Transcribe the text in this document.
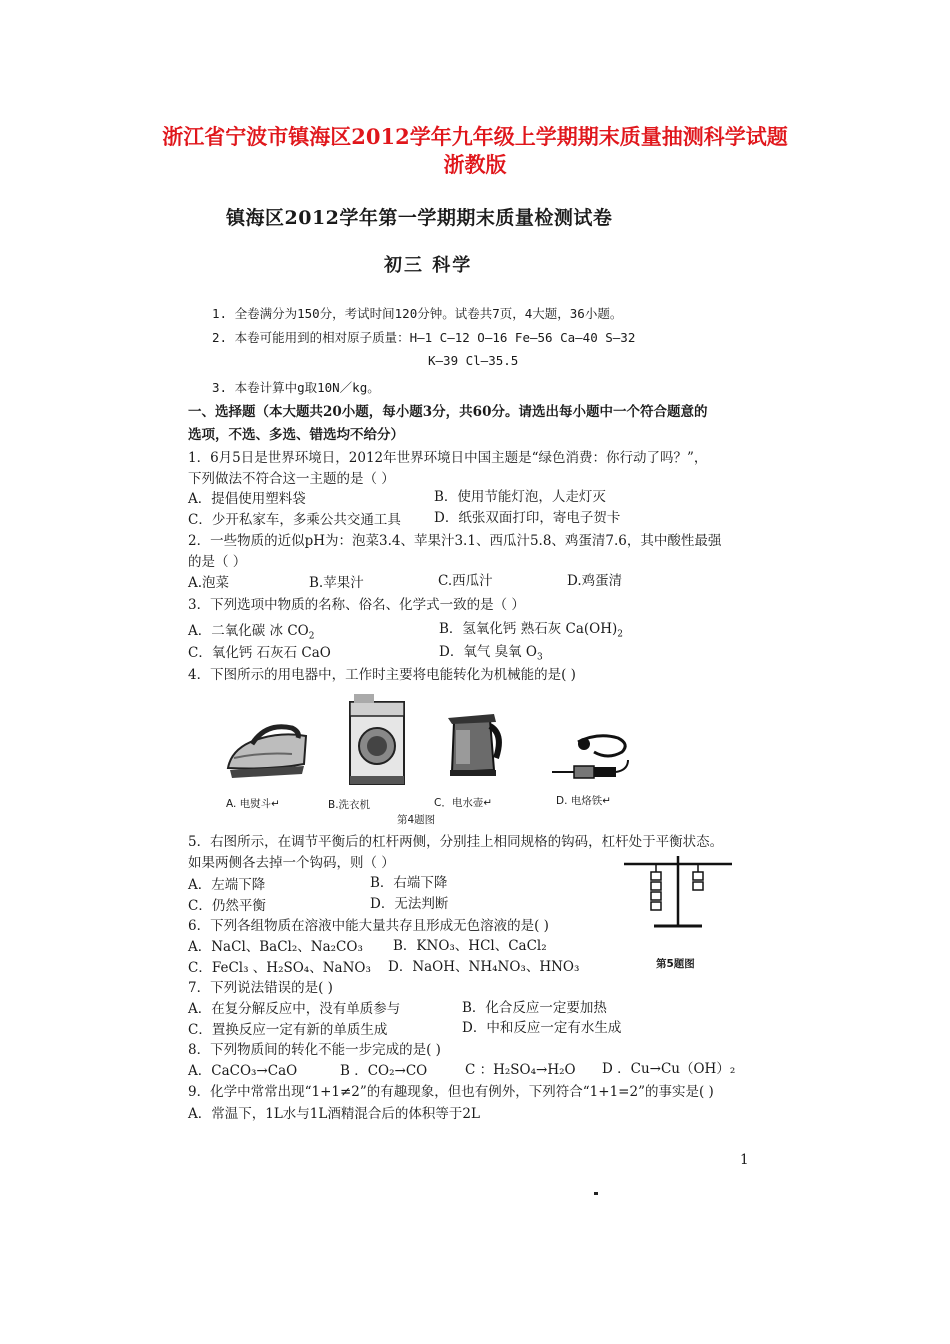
浙江省宁波市镇海区2012学年九年级上学期期末质量抽测科学试题
浙教版
镇海区2012学年第一学期期末质量检测试卷
初三 科学
1. 全卷满分为150分，考试时间120分钟。试卷共7页，4大题，36小题。
2. 本卷可能用到的相对原子质量：H—1 C—12 O—16 Fe—56 Ca—40 S—32
K—39 Cl—35.5
3. 本卷计算中g取10N／kg。
一、选择题（本大题共20小题，每小题3分，共60分。请选出每小题中一个符合题意的
选项，不选、多选、错选均不给分）
1．6月5日是世界环境日，2012年世界环境日中国主题是“绿色消费：你行动了吗？”，
下列做法不符合这一主题的是（ ）
A．提倡使用塑料袋	B．使用节能灯泡，人走灯灭
C．少开私家车，多乘公共交通工具 D．纸张双面打印，寄电子贺卡
2．一些物质的近似pH为：泡菜3.4、苹果汁3.1、西瓜汁5.8、鸡蛋清7.6，其中酸性最强
的是（ ）
A.泡菜	B.苹果汁	C.西瓜汁	D.鸡蛋清
3．下列选项中物质的名称、俗名、化学式一致的是（ ）
A．二氧化碳 冰 $CO_2$	B．氢氧化钙 熟石灰 $Ca(OH)_2$
C．氧化钙 石灰石 CaO	D．氧气 臭氧 $O_3$
4．下图所示的用电器中，工作时主要将电能转化为机械能的是( )
A. 电熨斗↵	B.洗衣机	C．电水壶↵	D. 电烙铁↵
第4题图
5．右图所示，在调节平衡后的杠杆两侧，分别挂上相同规格的钩码，杠杆处于平衡状态。
如果两侧各去掉一个钩码，则（ ）
A．左端下降	B．右端下降
C．仍然平衡	D．无法判断
6．下列各组物质在溶液中能大量共存且形成无色溶液的是( )
A．NaCl、BaCl₂、Na₂CO₃ B．KNO₃、HCl、CaCl₂
C．FeCl₃ 、H₂SO₄、NaNO₃ D．NaOH、NH₄NO₃、HNO₃	第5题图
7．下列说法错误的是( )
A．在复分解反应中，没有单质参与	B．化合反应一定要加热
C．置换反应一定有新的单质生成	D．中和反应一定有水生成
8．下列物质间的转化不能一步完成的是( )
A．CaCO₃→CaO	B ．CO₂→CO	C ：H₂SO₄→H₂O D ．Cu→Cu（OH）₂
9．化学中常常出现“1+1≠2”的有趣现象，但也有例外，下列符合“1+1=2”的事实是( )
A．常温下，1L水与1L酒精混合后的体积等于2L
1
